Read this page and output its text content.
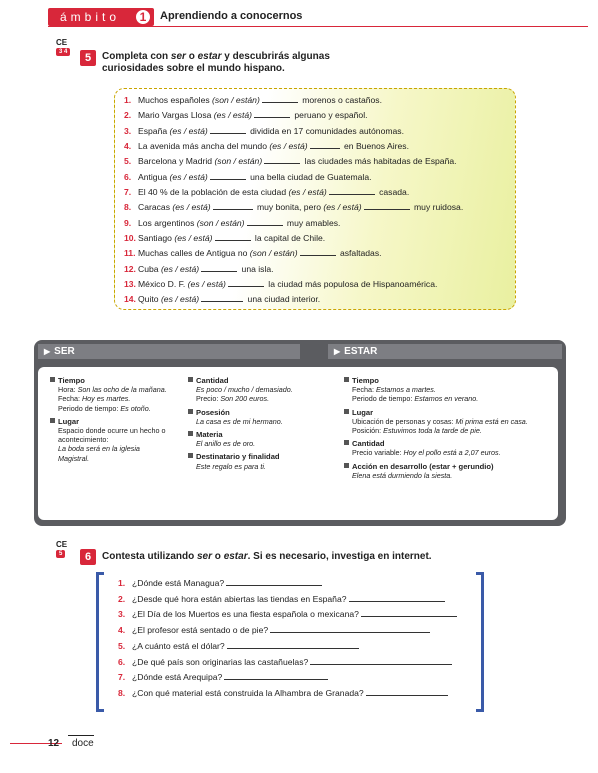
ámbito	1	Aprendiendo a conocernos
CE
3 4	5	Completa con ser o estar y descubrirás algunas
curiosidades sobre el mundo hispano.
1. Muchos españoles (son / están)	morenos o castaños.
2. Mario Vargas Llosa (es / está)	peruano y español.
3. España (es / está)	dividida en 17 comunidades autónomas.
4. La avenida más ancha del mundo (es / está)	en Buenos Aires.
5. Barcelona y Madrid (son / están)	las ciudades más habitadas de España.
6. Antigua (es / está)	una bella ciudad de Guatemala.
7. El 40 % de la población de esta ciudad (es / está)	casada.
8. Caracas (es / está)	muy bonita, pero (es / está)	muy ruidosa.
9. Los argentinos (son / están)	muy amables.
10. Santiago (es / está)	la capital de Chile.
11. Muchas calles de Antigua no (son / están)	asfaltadas.
12. Cuba (es / está)	una isla.
13. México D. F. (es / está)	la ciudad más populosa de Hispanoamérica.
14. Quito (es / está)	una ciudad interior.
▶ SER	▶ ESTAR
Tiempo
Hora: Son las ocho de la mañana.
Fecha: Hoy es martes.
Periodo de tiempo: Es otoño.
Lugar
Espacio donde ocurre un hecho o
acontecimiento:
La boda será en la iglesia
Magistral.
Cantidad
Es poco / mucho / demasiado.
Precio: Son 200 euros.
Posesión
La casa es de mi hermano.
Materia
El anillo es de oro.
Destinatario y finalidad
Este regalo es para ti.
Tiempo
Fecha: Estamos a martes.
Periodo de tiempo: Estamos en verano.
Lugar
Ubicación de personas y cosas: Mi prima está en casa.
Posición: Estuvimos toda la tarde de pie.
Cantidad
Precio variable: Hoy el pollo está a 2,07 euros.
Acción en desarrollo (estar + gerundio)
Elena está durmiendo la siesta.
CE
5	6	Contesta utilizando ser o estar. Si es necesario, investiga en internet.
1. ¿Dónde está Managua?
2. ¿Desde qué hora están abiertas las tiendas en España?
3. ¿El Día de los Muertos es una fiesta española o mexicana?
4. ¿El profesor está sentado o de pie?
5. ¿A cuánto está el dólar?
6. ¿De qué país son originarias las castañuelas?
7. ¿Dónde está Arequipa?
8. ¿Con qué material está construida la Alhambra de Granada?
12 doce
